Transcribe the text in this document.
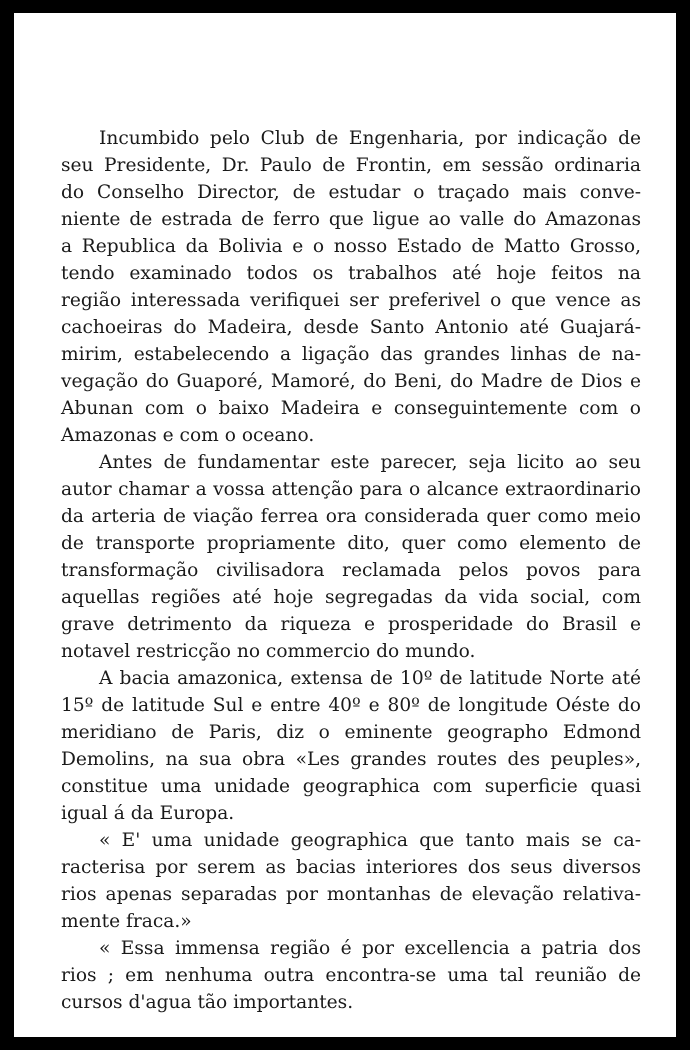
Incumbido pelo Club de Engenharia, por indicação de
seu Presidente, Dr. Paulo de Frontin, em sessão ordinaria
do Conselho Director, de estudar o traçado mais conve-
niente de estrada de ferro que ligue ao valle do Amazonas
a Republica da Bolivia e o nosso Estado de Matto Grosso,
tendo examinado todos os trabalhos até hoje feitos na
região interessada verifiquei ser preferivel o que vence as
cachoeiras do Madeira, desde Santo Antonio até Guajará-
mirim, estabelecendo a ligação das grandes linhas de na-
vegação do Guaporé, Mamoré, do Beni, do Madre de Dios e
Abunan com o baixo Madeira e conseguintemente com o
Amazonas e com o oceano.
Antes de fundamentar este parecer, seja licito ao seu
autor chamar a vossa attenção para o alcance extraordinario
da arteria de viação ferrea ora considerada quer como meio
de transporte propriamente dito, quer como elemento de
transformação civilisadora reclamada pelos povos para
aquellas regiões até hoje segregadas da vida social, com
grave detrimento da riqueza e prosperidade do Brasil e
notavel restricção no commercio do mundo.
A bacia amazonica, extensa de 10º de latitude Norte até
15º de latitude Sul e entre 40º e 80º de longitude Oéste do
meridiano de Paris, diz o eminente geographo Edmond
Demolins, na sua obra «Les grandes routes des peuples»,
constitue uma unidade geographica com superficie quasi
igual á da Europa.
« E' uma unidade geographica que tanto mais se ca-
racterisa por serem as bacias interiores dos seus diversos
rios apenas separadas por montanhas de elevação relativa-
mente fraca.»
« Essa immensa região é por excellencia a patria dos
rios ; em nenhuma outra encontra-se uma tal reunião de
cursos d'agua tão importantes.
